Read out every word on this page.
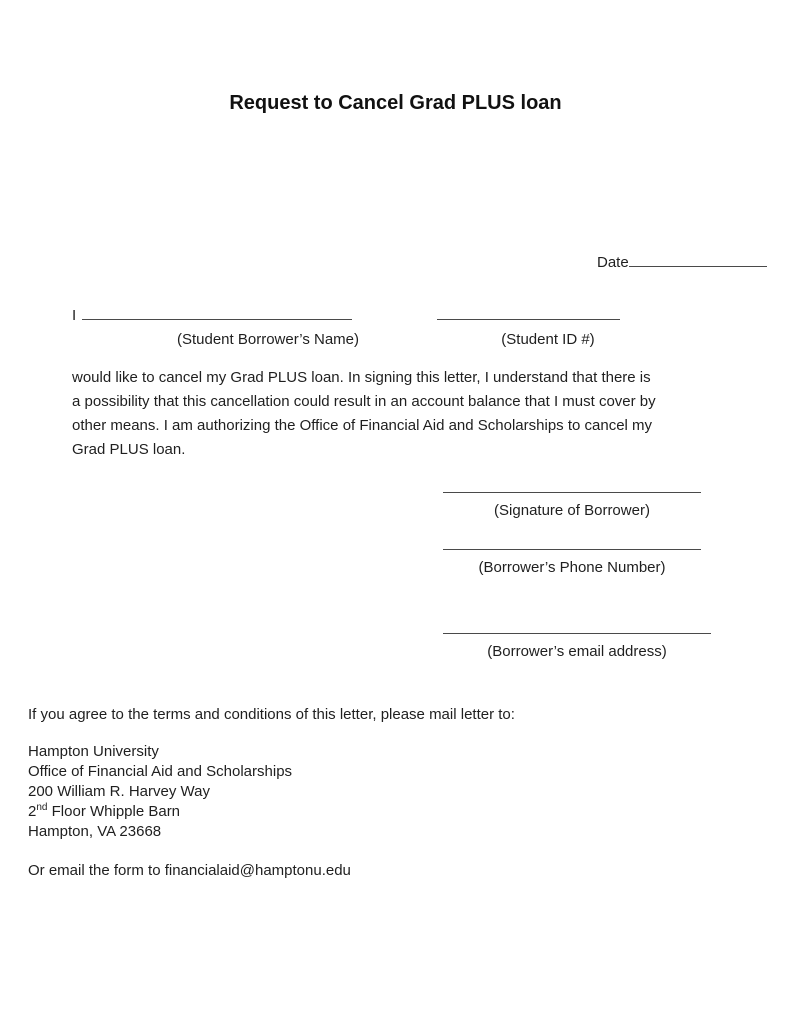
Request to Cancel Grad PLUS loan
Date
I
(Student Borrower’s Name)	(Student ID #)
would like to cancel my Grad PLUS loan. In signing this letter, I understand that there is
a possibility that this cancellation could result in an account balance that I must cover by
other means. I am authorizing the Office of Financial Aid and Scholarships to cancel my
Grad PLUS loan.
(Signature of Borrower)
(Borrower’s Phone Number)
(Borrower’s email address)
If you agree to the terms and conditions of this letter, please mail letter to:
Hampton University
Office of Financial Aid and Scholarships
200 William R. Harvey Way
2nd Floor Whipple Barn
Hampton, VA 23668
Or email the form to financialaid@hamptonu.edu
